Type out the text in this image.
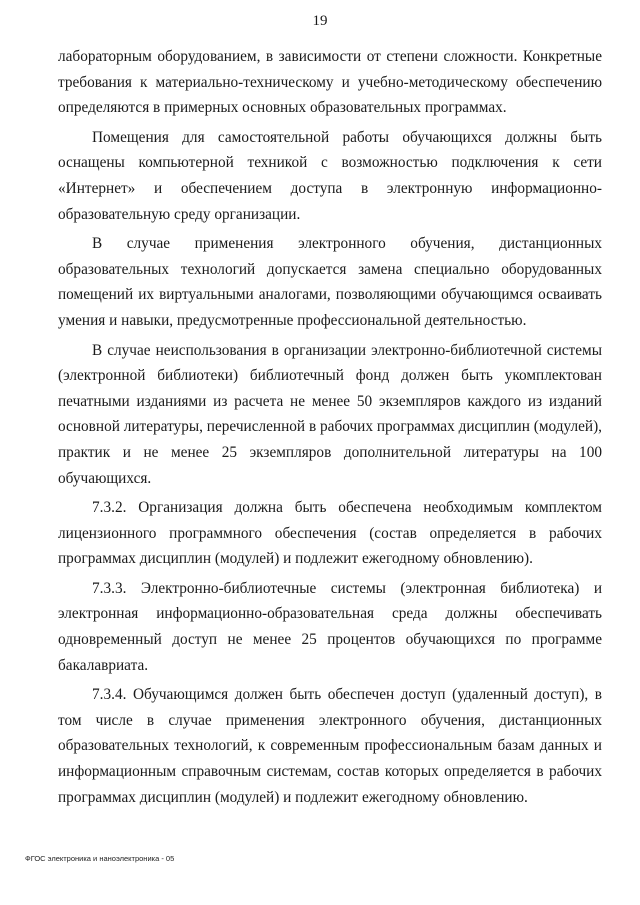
19

лабораторным оборудованием, в зависимости от степени сложности. Конкретные требования к материально-техническому и учебно-методическому обеспечению определяются в примерных основных образовательных программах.

Помещения для самостоятельной работы обучающихся должны быть оснащены компьютерной техникой с возможностью подключения к сети «Интернет» и обеспечением доступа в электронную информационно-образовательную среду организации.

В случае применения электронного обучения, дистанционных образовательных технологий допускается замена специально оборудованных помещений их виртуальными аналогами, позволяющими обучающимся осваивать умения и навыки, предусмотренные профессиональной деятельностью.

В случае неиспользования в организации электронно-библиотечной системы (электронной библиотеки) библиотечный фонд должен быть укомплектован печатными изданиями из расчета не менее 50 экземпляров каждого из изданий основной литературы, перечисленной в рабочих программах дисциплин (модулей), практик и не менее 25 экземпляров дополнительной литературы на 100 обучающихся.

7.3.2. Организация должна быть обеспечена необходимым комплектом лицензионного программного обеспечения (состав определяется в рабочих программах дисциплин (модулей) и подлежит ежегодному обновлению).

7.3.3. Электронно-библиотечные системы (электронная библиотека) и электронная информационно-образовательная среда должны обеспечивать одновременный доступ не менее 25 процентов обучающихся по программе бакалавриата.

7.3.4. Обучающимся должен быть обеспечен доступ (удаленный доступ), в том числе в случае применения электронного обучения, дистанционных образовательных технологий, к современным профессиональным базам данных и информационным справочным системам, состав которых определяется в рабочих программах дисциплин (модулей) и подлежит ежегодному обновлению.

ФГОС электроника и наноэлектроника - 05
